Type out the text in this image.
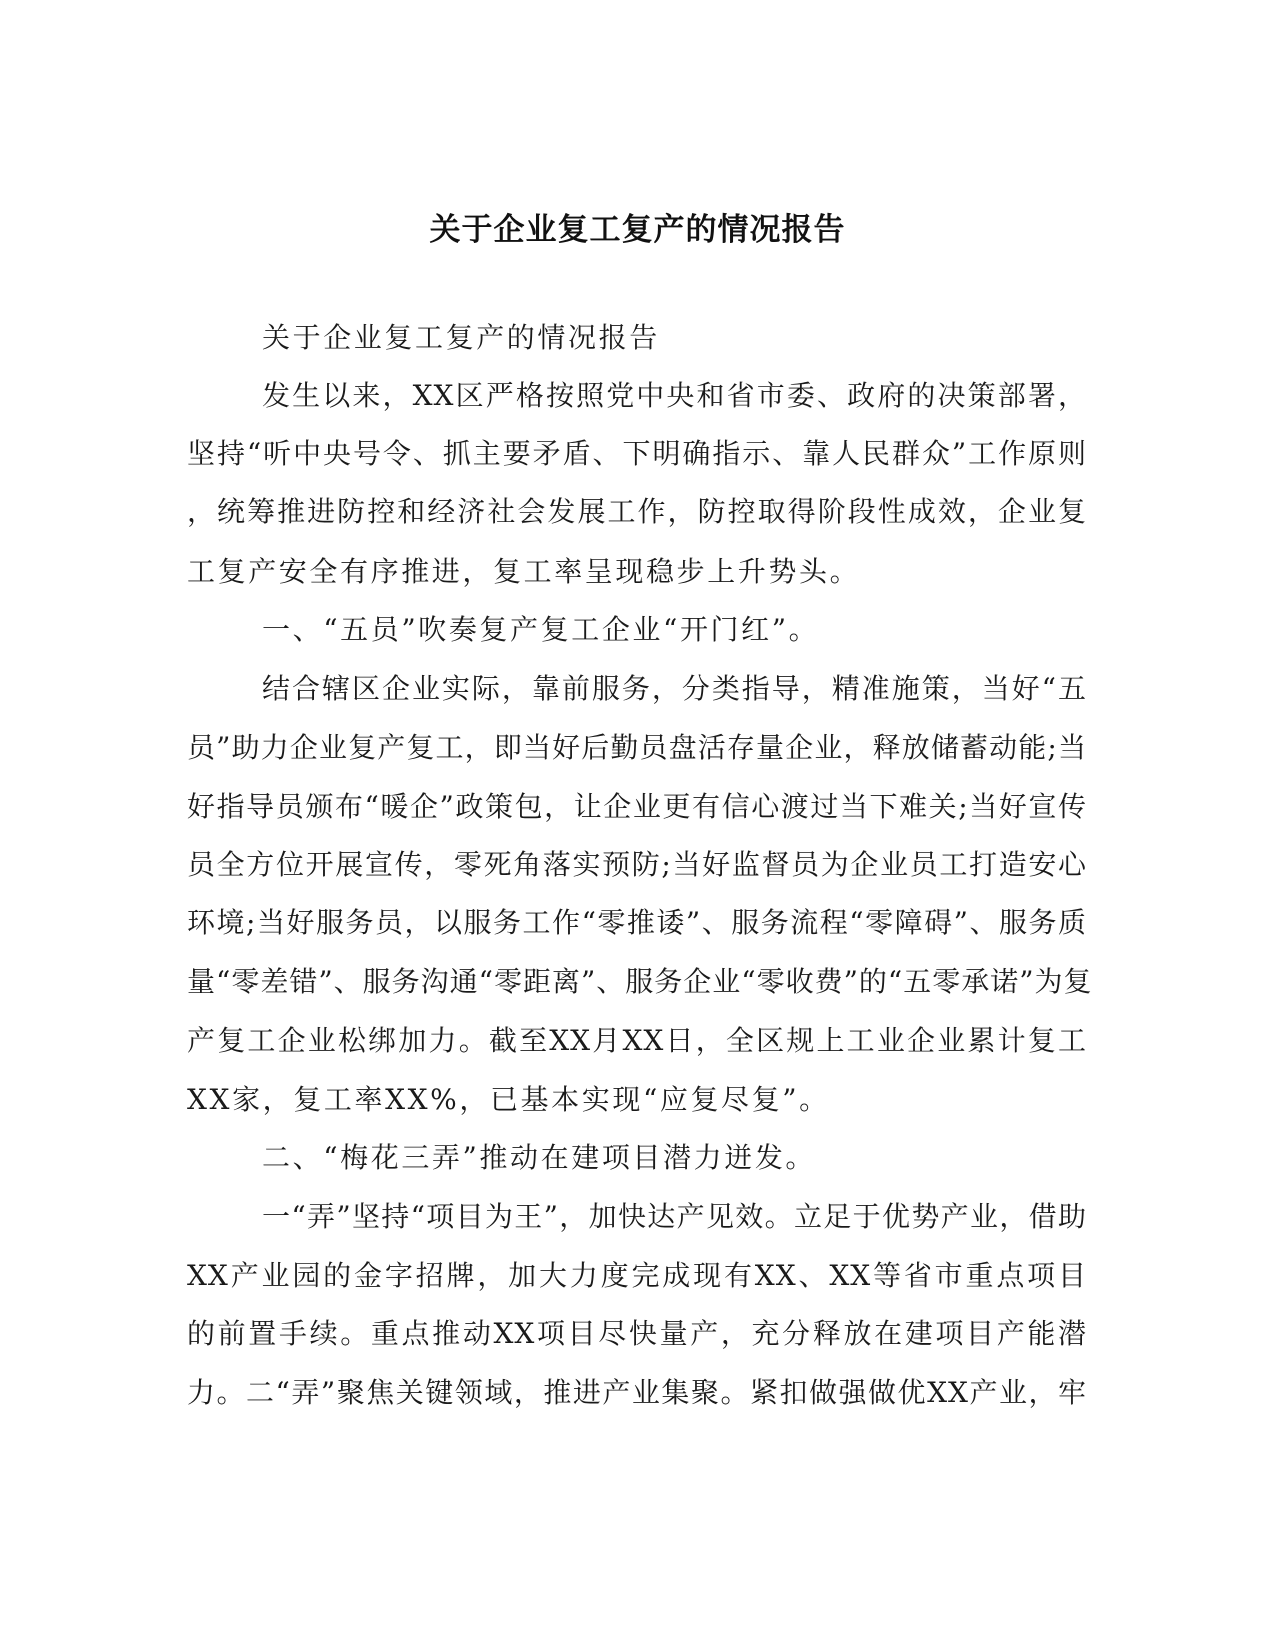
关于企业复工复产的情况报告
关于企业复工复产的情况报告
发生以来，XX区严格按照党中央和省市委、政府的决策部署，
坚持“听中央号令、抓主要矛盾、下明确指示、靠人民群众”工作原则
，统筹推进防控和经济社会发展工作，防控取得阶段性成效，企业复
工复产安全有序推进，复工率呈现稳步上升势头。
一、“五员”吹奏复产复工企业“开门红”。
结合辖区企业实际，靠前服务，分类指导，精准施策，当好“五
员”助力企业复产复工，即当好后勤员盘活存量企业，释放储蓄动能;当
好指导员颁布“暖企”政策包，让企业更有信心渡过当下难关;当好宣传
员全方位开展宣传，零死角落实预防;当好监督员为企业员工打造安心
环境;当好服务员，以服务工作“零推诿”、服务流程“零障碍”、服务质
量“零差错”、服务沟通“零距离”、服务企业“零收费”的“五零承诺”为复
产复工企业松绑加力。截至XX月XX日，全区规上工业企业累计复工
XX家，复工率XX%，已基本实现“应复尽复”。
二、“梅花三弄”推动在建项目潜力迸发。
一“弄”坚持“项目为王”，加快达产见效。立足于优势产业，借助
XX产业园的金字招牌，加大力度完成现有XX、XX等省市重点项目
的前置手续。重点推动XX项目尽快量产，充分释放在建项目产能潜
力。二“弄”聚焦关键领域，推进产业集聚。紧扣做强做优XX产业，牢
